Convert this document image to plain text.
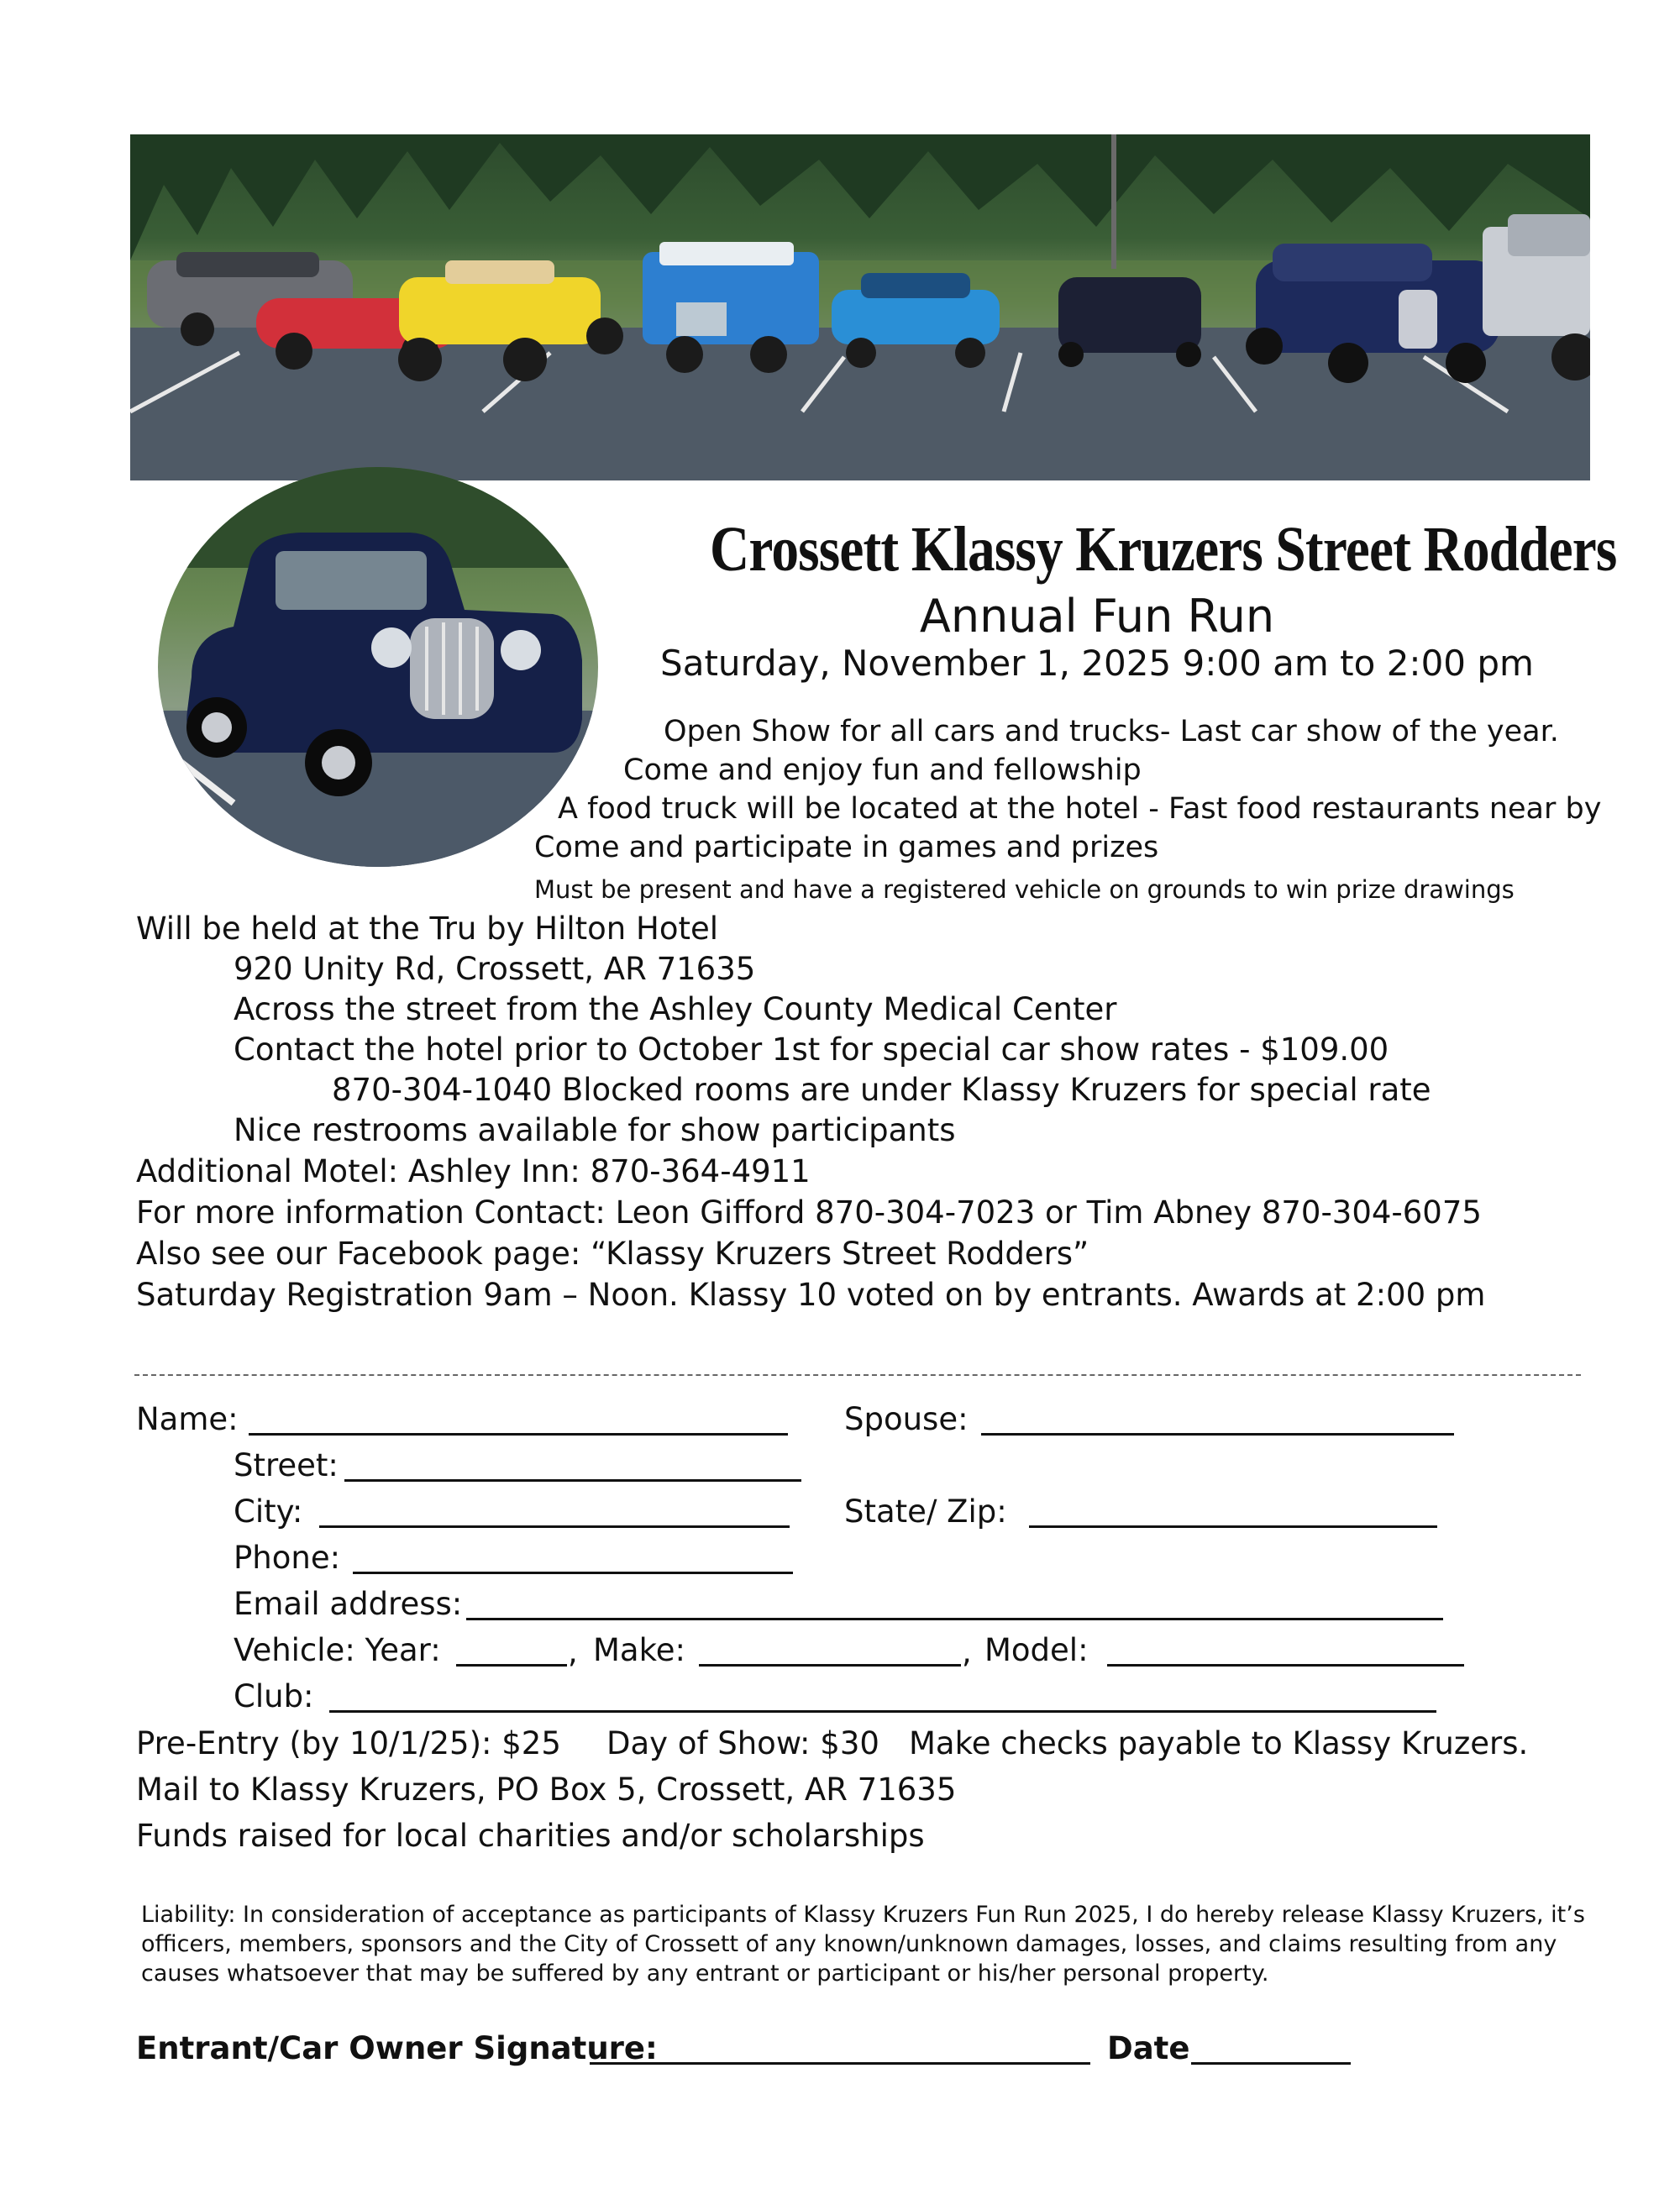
Crossett Klassy Kruzers Street Rodders
Annual Fun Run
Saturday, November 1, 2025 9:00 am to 2:00 pm
Open Show for all cars and trucks- Last car show of the year.
Come and enjoy fun and fellowship
A food truck will be located at the hotel - Fast food restaurants near by
Come and participate in games and prizes
Must be present and have a registered vehicle on grounds to win prize drawings
Will be held at the Tru by Hilton Hotel
920 Unity Rd, Crossett, AR 71635
Across the street from the Ashley County Medical Center
Contact the hotel prior to October 1st for special car show rates - $109.00
870-304-1040 Blocked rooms are under Klassy Kruzers for special rate
Nice restrooms available for show participants
Additional Motel: Ashley Inn: 870-364-4911
For more information Contact: Leon Gifford 870-304-7023 or Tim Abney 870-304-6075
Also see our Facebook page: “Klassy Kruzers Street Rodders”
Saturday Registration 9am – Noon. Klassy 10 voted on by entrants. Awards at 2:00 pm
Name:	Spouse:
Street:
City:	State/ Zip:
Phone:
Email address:
Vehicle: Year:	, Make:	, Model:
Club:
Pre-Entry (by 10/1/25): $25 Day of Show: $30 Make checks payable to Klassy Kruzers.
Mail to Klassy Kruzers, PO Box 5, Crossett, AR 71635
Funds raised for local charities and/or scholarships
Liability: In consideration of acceptance as participants of Klassy Kruzers Fun Run 2025, I do hereby release Klassy Kruzers, it’s
officers, members, sponsors and the City of Crossett of any known/unknown damages, losses, and claims resulting from any
causes whatsoever that may be suffered by any entrant or participant or his/her personal property.
Entrant/Car Owner Signature:	Date
